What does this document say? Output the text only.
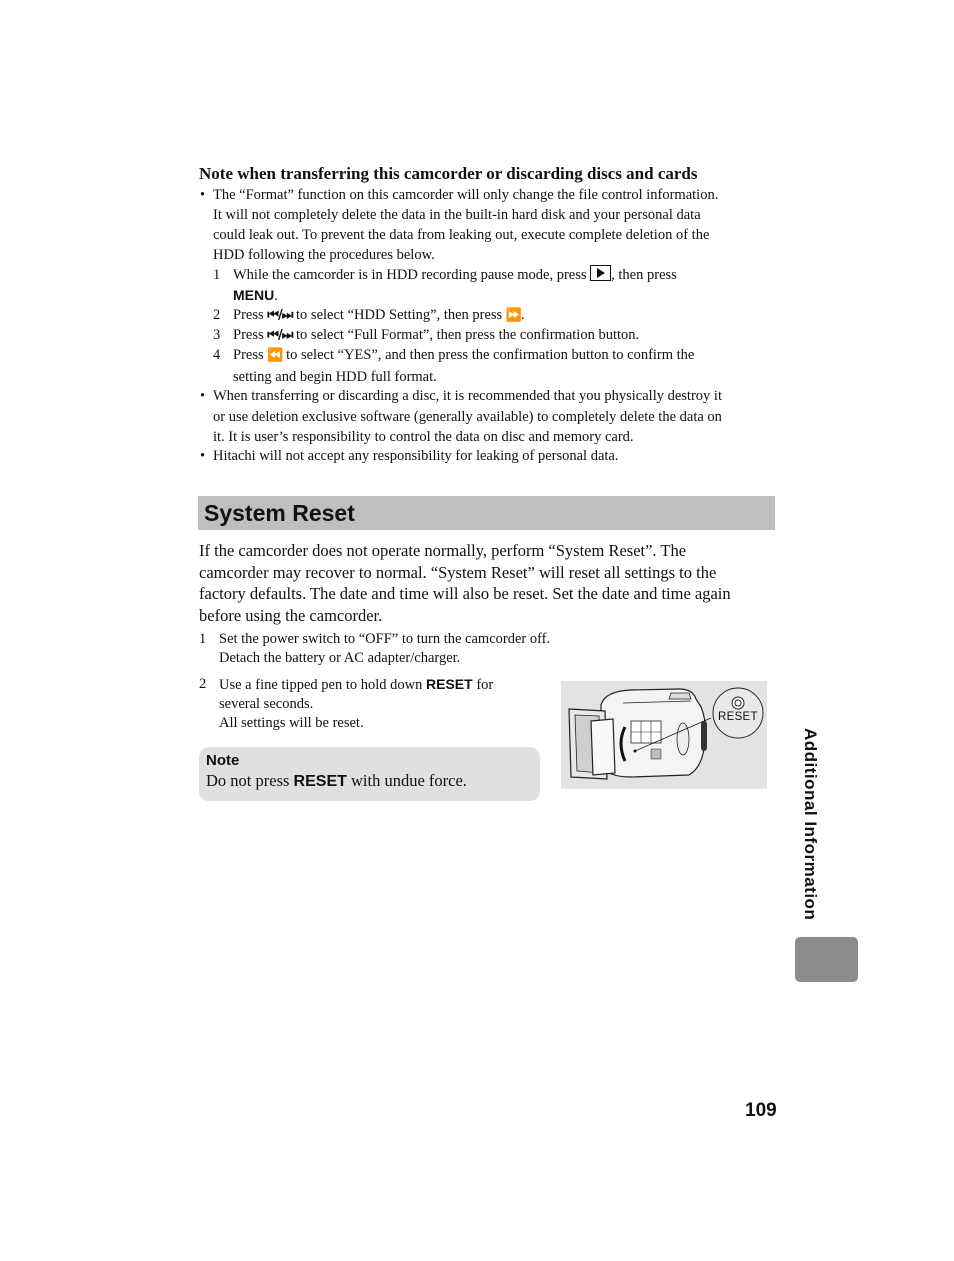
Note when transferring this camcorder or discarding discs and cards
• The “Format” function on this camcorder will only change the file control information.
It will not completely delete the data in the built-in hard disk and your personal data
could leak out. To prevent the data from leaking out, execute complete deletion of the
HDD following the procedures below.
1 While the camcorder is in HDD recording pause mode, press , then press
MENU.
2 Press ⏮/⏭ to select “HDD Setting”, then press ⏩.
3 Press ⏮/⏭ to select “Full Format”, then press the confirmation button.
4 Press ⏪ to select “YES”, and then press the confirmation button to confirm the
setting and begin HDD full format.
• When transferring or discarding a disc, it is recommended that you physically destroy it
or use deletion exclusive software (generally available) to completely delete the data on
it. It is user’s responsibility to control the data on disc and memory card.
• Hitachi will not accept any responsibility for leaking of personal data.
System Reset
If the camcorder does not operate normally, perform “System Reset”. The
camcorder may recover to normal. “System Reset” will reset all settings to the
factory defaults. The date and time will also be reset. Set the date and time again
before using the camcorder.
1 Set the power switch to “OFF” to turn the camcorder off.
Detach the battery or AC adapter/charger.
2 Use a fine tipped pen to hold down RESET for
several seconds.
All settings will be reset.
Note
Do not press RESET with undue force.
RESET
Additional Information
109
